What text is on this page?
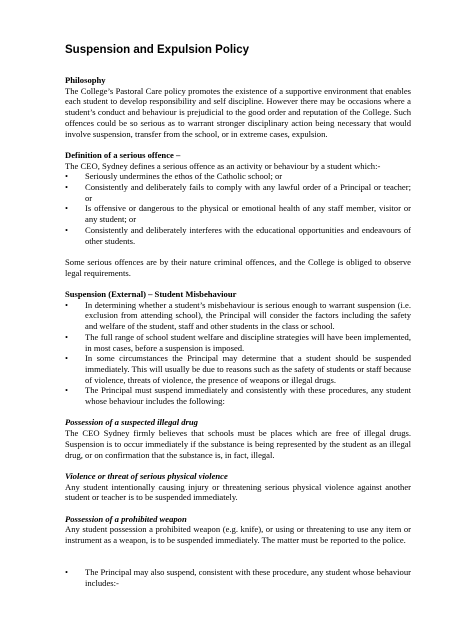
Suspension and Expulsion Policy
Philosophy

The College’s Pastoral Care policy promotes the existence of a supportive environment that enables each student to develop responsibility and self discipline. However there may be occasions where a student’s conduct and behaviour is prejudicial to the good order and reputation of the College. Such offences could be so serious as to warrant stronger disciplinary action being necessary that would involve suspension, transfer from the school, or in extreme cases, expulsion.

Definition of a serious offence –

The CEO, Sydney defines a serious offence as an activity or behaviour by a student which:-

• Seriously undermines the ethos of the Catholic school; or
• Consistently and deliberately fails to comply with any lawful order of a Principal or teacher; or
• Is offensive or dangerous to the physical or emotional health of any staff member, visitor or any student; or
• Consistently and deliberately interferes with the educational opportunities and endeavours of other students.

Some serious offences are by their nature criminal offences, and the College is obliged to observe legal requirements.

Suspension (External) – Student Misbehaviour
• In determining whether a student’s misbehaviour is serious enough to warrant suspension (i.e. exclusion from attending school), the Principal will consider the factors including the safety and welfare of the student, staff and other students in the class or school.
• The full range of school student welfare and discipline strategies will have been implemented, in most cases, before a suspension is imposed.
• In some circumstances the Principal may determine that a student should be suspended immediately. This will usually be due to reasons such as the safety of students or staff because of violence, threats of violence, the presence of weapons or illegal drugs.
• The Principal must suspend immediately and consistently with these procedures, any student whose behaviour includes the following:
Possession of a suspected illegal drug

The CEO Sydney firmly believes that schools must be places which are free of illegal drugs. Suspension is to occur immediately if the substance is being represented by the student as an illegal drug, or on confirmation that the substance is, in fact, illegal.

Violence or threat of serious physical violence

Any student intentionally causing injury or threatening serious physical violence against another student or teacher is to be suspended immediately.

Possession of a prohibited weapon

Any student possession a prohibited weapon (e.g. knife), or using or threatening to use any item or instrument as a weapon, is to be suspended immediately. The matter must be reported to the police.

• The Principal may also suspend, consistent with these procedure, any student whose behaviour includes:-
